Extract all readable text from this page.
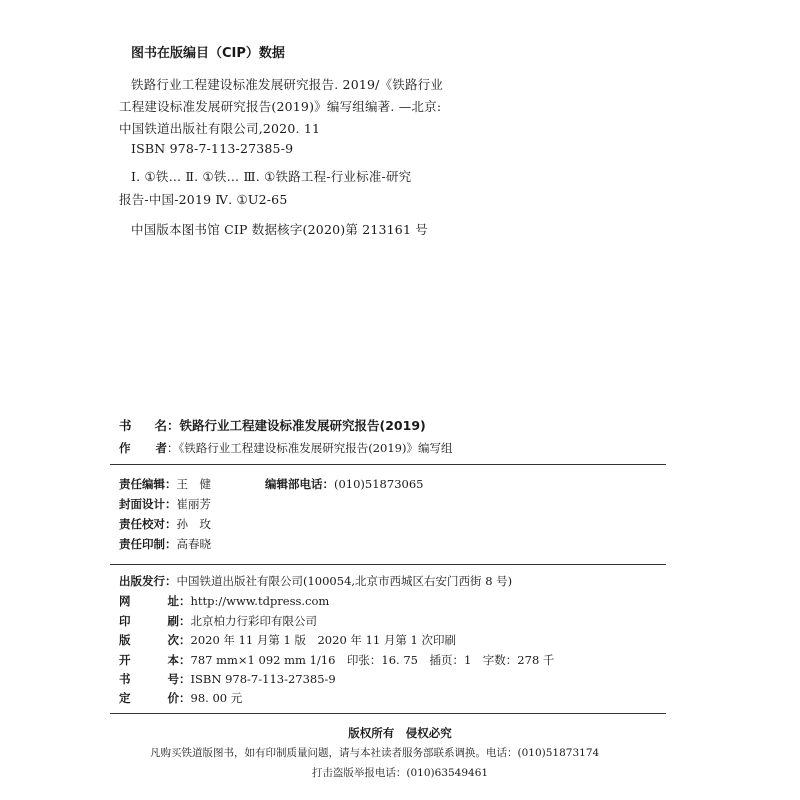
图书在版编目（CIP）数据
铁路行业工程建设标准发展研究报告. 2019/《铁路行业
工程建设标准发展研究报告(2019)》编写组编著. —北京:
中国铁道出版社有限公司,2020. 11
ISBN 978-7-113-27385-9
Ⅰ. ①铁… Ⅱ. ①铁… Ⅲ. ①铁路工程-行业标准-研究
报告-中国-2019 Ⅳ. ①U2-65
中国版本图书馆 CIP 数据核字(2020)第 213161 号
书 名 ：铁路行业工程建设标准发展研究报告(2019)
作 者 ：《铁路行业工程建设标准发展研究报告(2019)》编写组
责任编辑：王　健	编辑部电话：(010)51873065
封面设计：崔丽芳
责任校对：孙　玫
责任印制：高春晓
出版发行：中国铁道出版社有限公司(100054,北京市西城区右安门西街 8 号)
网	址 ：http://www.tdpress.com
印	刷 ：北京柏力行彩印有限公司
版	次 ：2020 年 11 月第 1 版　2020 年 11 月第 1 次印刷
开	本 ：787 mm×1 092 mm 1/16　印张：16. 75　插页：1　字数：278 千
书	号 ：ISBN 978-7-113-27385-9
定	价 ：98. 00 元
版权所有　侵权必究
凡购买铁道版图书，如有印制质量问题，请与本社读者服务部联系调换。电话：(010)51873174
打击盗版举报电话：(010)63549461
